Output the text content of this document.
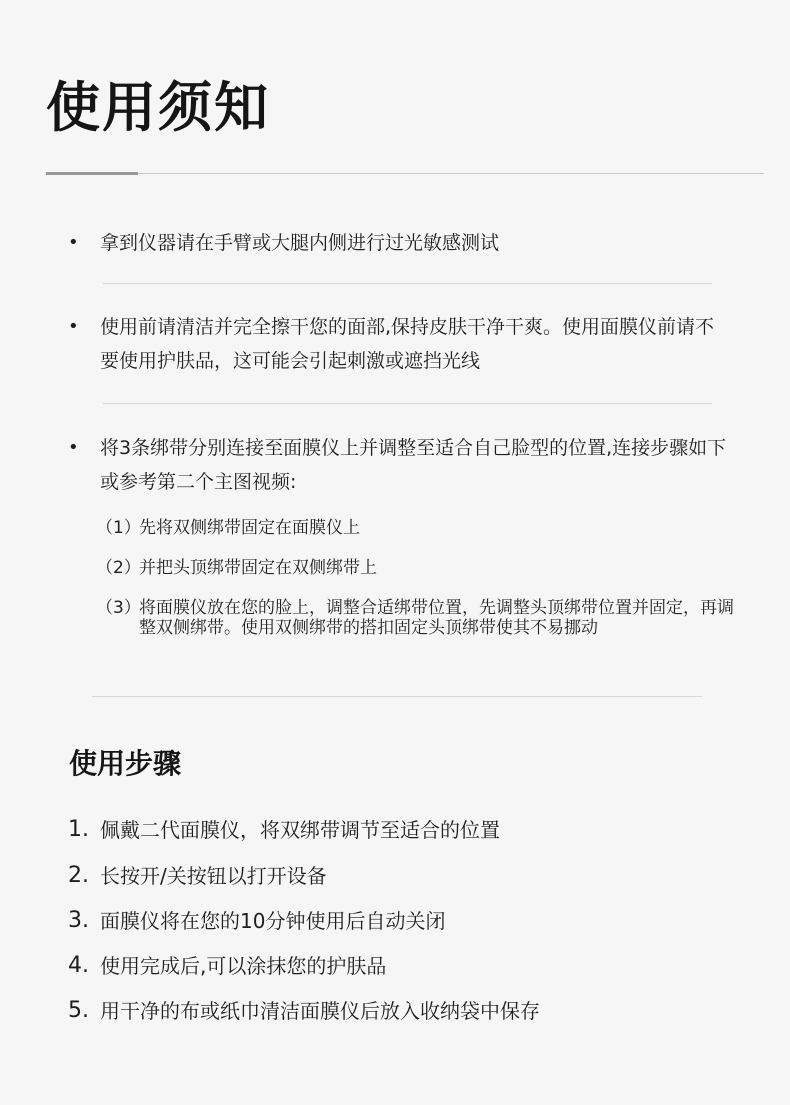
使用须知
• 拿到仪器请在手臂或大腿内侧进行过光敏感测试
• 使用前请清洁并完全擦干您的面部,保持皮肤干净干爽。使用面膜仪前请不要使用护肤品，这可能会引起刺激或遮挡光线
• 将3条绑带分别连接至面膜仪上并调整至适合自己脸型的位置,连接步骤如下或参考第二个主图视频:
（1）
先将双侧绑带固定在面膜仪上
（2）
并把头顶绑带固定在双侧绑带上
（3）
将面膜仪放在您的脸上，调整合适绑带位置，先调整头顶绑带位置并固定，再调整双侧绑带。使用双侧绑带的搭扣固定头顶绑带使其不易挪动
使用步骤
1. 佩戴二代面膜仪，将双绑带调节至适合的位置
2. 长按开/关按钮以打开设备
3. 面膜仪将在您的10分钟使用后自动关闭
4. 使用完成后,可以涂抹您的护肤品
5. 用干净的布或纸巾清洁面膜仪后放入收纳袋中保存
